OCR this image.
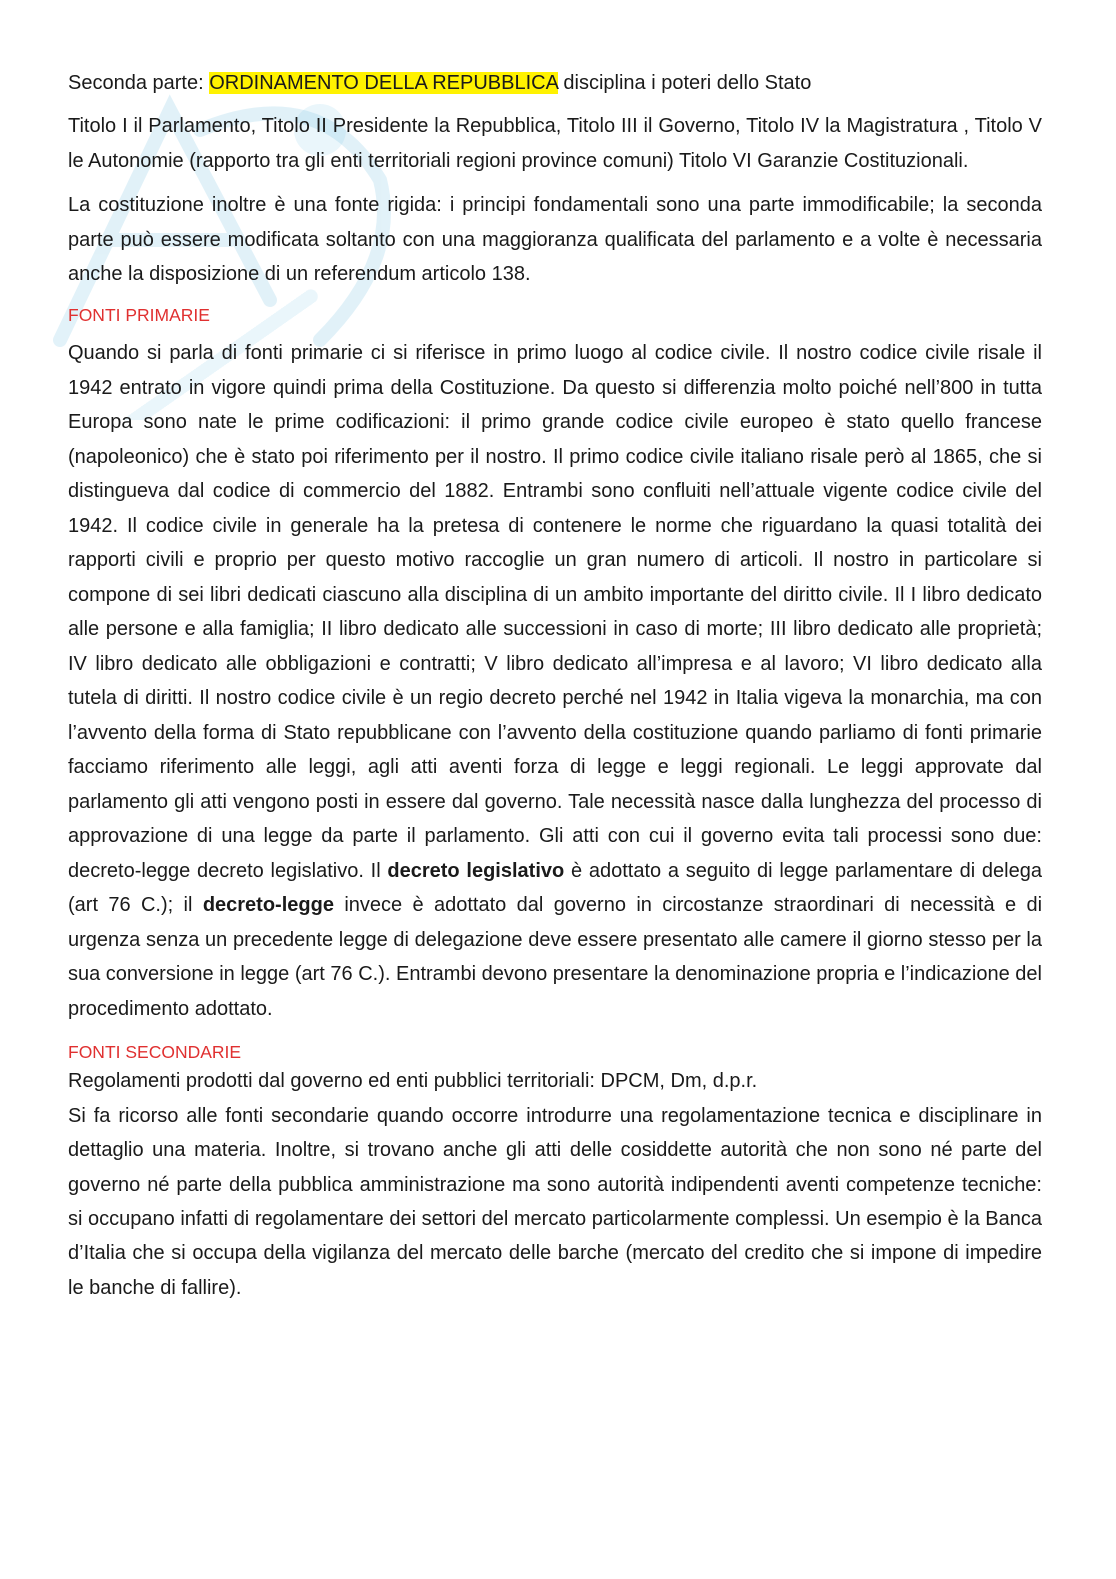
Seconda parte: ORDINAMENTO DELLA REPUBBLICA disciplina i poteri dello Stato

Titolo I il Parlamento, Titolo II Presidente la Repubblica, Titolo III il Governo, Titolo IV la Magistratura , Titolo V le Autonomie (rapporto tra gli enti territoriali regioni province comuni) Titolo VI Garanzie Costituzionali.

La costituzione inoltre è una fonte rigida: i principi fondamentali sono una parte immodificabile; la seconda parte può essere modificata soltanto con una maggioranza qualificata del parlamento e a volte è necessaria anche la disposizione di un referendum articolo 138.

FONTI PRIMARIE

Quando si parla di fonti primarie ci si riferisce in primo luogo al codice civile. Il nostro codice civile risale il 1942 entrato in vigore quindi prima della Costituzione. Da questo si differenzia molto poiché nell’800 in tutta Europa sono nate le prime codificazioni: il primo grande codice civile europeo è stato quello francese (napoleonico) che è stato poi riferimento per il nostro. Il primo codice civile italiano risale però al 1865, che si distingueva dal codice di commercio del 1882. Entrambi sono confluiti nell’attuale vigente codice civile del 1942. Il codice civile in generale ha la pretesa di contenere le norme che riguardano la quasi totalità dei rapporti civili e proprio per questo motivo raccoglie un gran numero di articoli. Il nostro in particolare si compone di sei libri dedicati ciascuno alla disciplina di un ambito importante del diritto civile. Il I libro dedicato alle persone e alla famiglia; II libro dedicato alle successioni in caso di morte; III libro dedicato alle proprietà; IV libro dedicato alle obbligazioni e contratti; V libro dedicato all’impresa e al lavoro; VI libro dedicato alla tutela di diritti. Il nostro codice civile è un regio decreto perché nel 1942 in Italia vigeva la monarchia, ma con l’avvento della forma di Stato repubblicane con l’avvento della costituzione quando parliamo di fonti primarie facciamo riferimento alle leggi, agli atti aventi forza di legge e leggi regionali. Le leggi approvate dal parlamento gli atti vengono posti in essere dal governo. Tale necessità nasce dalla lunghezza del processo di approvazione di una legge da parte il parlamento. Gli atti con cui il governo evita tali processi sono due: decreto-legge decreto legislativo. Il decreto legislativo è adottato a seguito di legge parlamentare di delega (art 76 C.); il decreto-legge invece è adottato dal governo in circostanze straordinari di necessità e di urgenza senza un precedente legge di delegazione deve essere presentato alle camere il giorno stesso per la sua conversione in legge (art 76 C.). Entrambi devono presentare la denominazione propria e l’indicazione del procedimento adottato.

FONTI SECONDARIE

Regolamenti prodotti dal governo ed enti pubblici territoriali: DPCM, Dm, d.p.r.

Si fa ricorso alle fonti secondarie quando occorre introdurre una regolamentazione tecnica e disciplinare in dettaglio una materia. Inoltre, si trovano anche gli atti delle cosiddette autorità che non sono né parte del governo né parte della pubblica amministrazione ma sono autorità indipendenti aventi competenze tecniche: si occupano infatti di regolamentare dei settori del mercato particolarmente complessi. Un esempio è la Banca d’Italia che si occupa della vigilanza del mercato delle barche (mercato del credito che si impone di impedire le banche di fallire).
